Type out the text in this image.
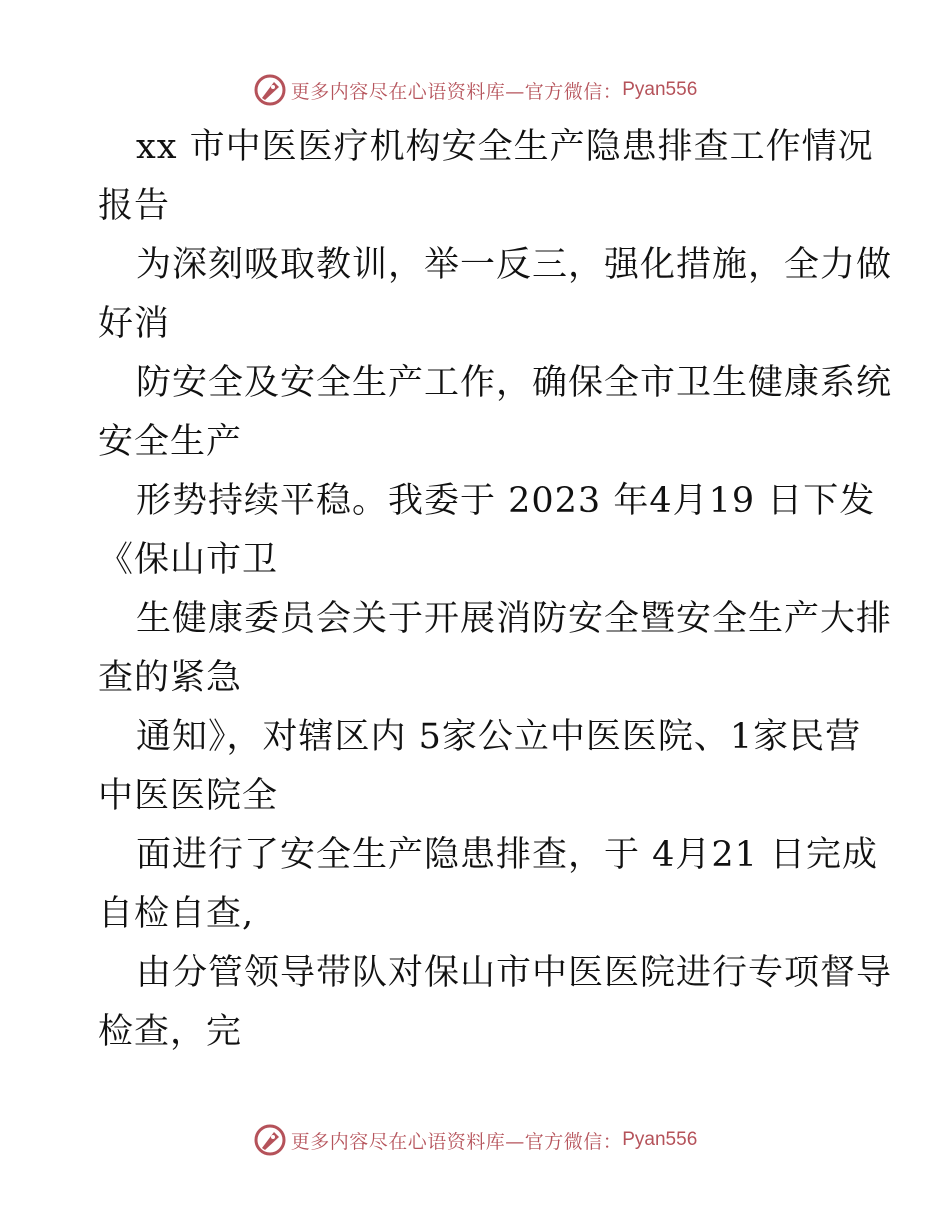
更多内容尽在心语资料库—官方微信： Pyan556
xx 市中医医疗机构安全生产隐患排查工作情况
报告
为深刻吸取教训，举一反三，强化措施，全力做
好消
防安全及安全生产工作，确保全市卫生健康系统
安全生产
形势持续平稳。我委于 2023 年4月19 日下发
《保山市卫
生健康委员会关于开展消防安全暨安全生产大排
查的紧急
通知》，对辖区内 5家公立中医医院、1家民营
中医医院全
面进行了安全生产隐患排查，于 4月21 日完成
自检自查,
由分管领导带队对保山市中医医院进行专项督导
检查，完
更多内容尽在心语资料库—官方微信： Pyan556
